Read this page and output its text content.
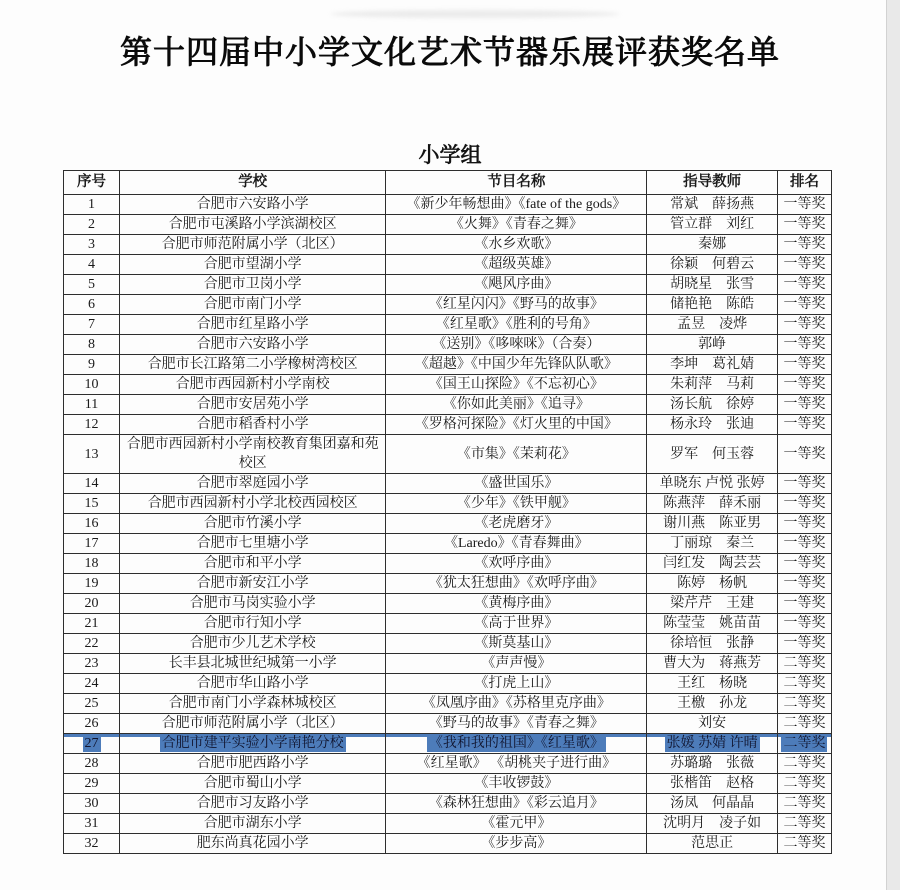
第十四届中小学文化艺术节器乐展评获奖名单
小学组
序号	学校	节目名称	指导教师	排名
1	合肥市六安路小学	《新少年畅想曲》《fate of the gods》	常斌　薛扬燕	一等奖
2	合肥市屯溪路小学滨湖校区	《火舞》《青春之舞》	管立群　刘红	一等奖
3	合肥市师范附属小学（北区）	《水乡欢歌》	秦娜	一等奖
4	合肥市望湖小学	《超级英雄》	徐颖　何碧云	一等奖
5	合肥市卫岗小学	《飓风序曲》	胡晓星　张雪	一等奖
6	合肥市南门小学	《红星闪闪》《野马的故事》	储艳艳　陈皓	一等奖
7	合肥市红星路小学	《红星歌》《胜利的号角》	孟昱　凌烨	一等奖
8	合肥市六安路小学	《送别》《哆唻咪》（合奏）	郭峥	一等奖
9	合肥市长江路第二小学橡树湾校区	《超越》《中国少年先锋队队歌》	李坤　葛礼婧	一等奖
10	合肥市西园新村小学南校	《国王山探险》《不忘初心》	朱莉萍　马莉	一等奖
11	合肥市安居苑小学	《你如此美丽》《追寻》	汤长航　徐婷	一等奖
12	合肥市稻香村小学	《罗格河探险》《灯火里的中国》	杨永玲　张迪	一等奖
13	合肥市西园新村小学南校教育集团嘉和苑校区	《市集》《茉莉花》	罗军　何玉蓉	一等奖
14	合肥市翠庭园小学	《盛世国乐》	单晓东 卢悦 张婷	一等奖
15	合肥市西园新村小学北校西园校区	《少年》《铁甲舰》	陈燕萍　薛禾丽	一等奖
16	合肥市竹溪小学	《老虎磨牙》	谢川燕　陈亚男	一等奖
17	合肥市七里塘小学	《Laredo》《青春舞曲》	丁丽琼　秦兰	一等奖
18	合肥市和平小学	《欢呼序曲》	闫红发　陶芸芸	一等奖
19	合肥市新安江小学	《犹太狂想曲》《欢呼序曲》	陈婷　杨帆	一等奖
20	合肥市马岗实验小学	《黄梅序曲》	梁芹芹　王建	一等奖
21	合肥市行知小学	《高于世界》	陈莹莹　姚苗苗	一等奖
22	合肥市少儿艺术学校	《斯莫基山》	徐培恒　张静	一等奖
23	长丰县北城世纪城第一小学	《声声慢》	曹大为　蒋燕芳	二等奖
24	合肥市华山路小学	《打虎上山》	王红　杨晓	二等奖
25	合肥市南门小学森林城校区	《凤凰序曲》《苏格里克序曲》	王檄　孙龙	二等奖
26	合肥市师范附属小学（北区）	《野马的故事》《青春之舞》	刘安	二等奖
27	合肥市建平实验小学南艳分校	《我和我的祖国》《红星歌》	张媛 苏婧 许晴	二等奖
28	合肥市肥西路小学	《红星歌》 《胡桃夹子进行曲》	苏璐璐　张薇	二等奖
29	合肥市蜀山小学	《丰收锣鼓》	张楷笛　赵格	二等奖
30	合肥市习友路小学	《森林狂想曲》《彩云追月》	汤凤　何晶晶	二等奖
31	合肥市湖东小学	《霍元甲》	沈明月　凌子如	二等奖
32	肥东尚真花园小学	《步步高》	范思正	二等奖
